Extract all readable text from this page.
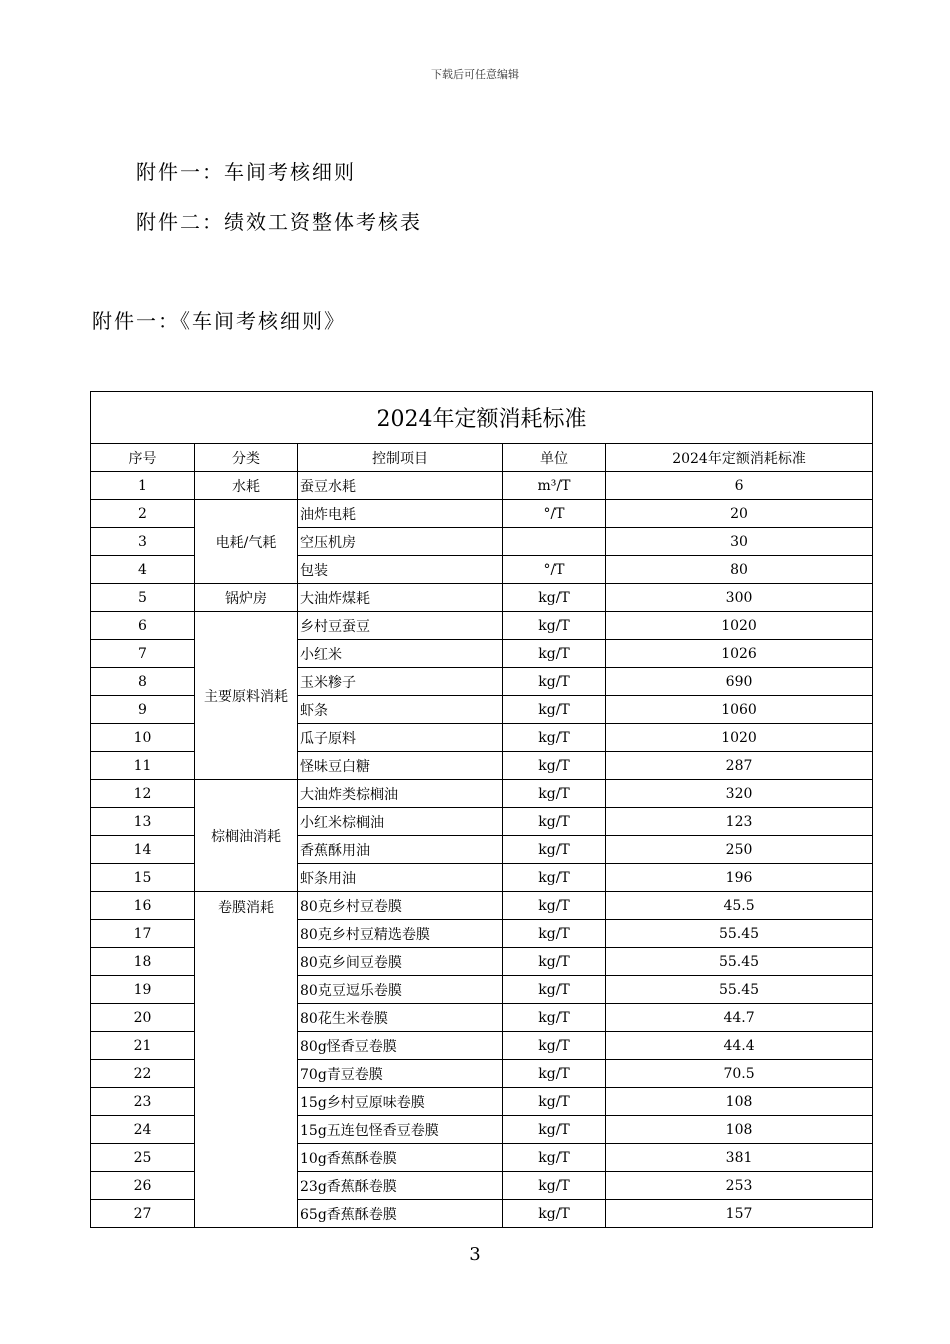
下载后可任意编辑
附件一：车间考核细则
附件二：绩效工资整体考核表
附件一：《车间考核细则》
2024年定额消耗标准				
序号	分类	控制项目	单位	2024年定额消耗标准
1	水耗	蚕豆水耗	m³/T	6
2	电耗/气耗	油炸电耗	°/T	20
3		空压机房		30
4		包装	°/T	80
5	锅炉房	大油炸煤耗	kg/T	300
6	主要原料消耗	乡村豆蚕豆	kg/T	1020
7		小红米	kg/T	1026
8		玉米糁子	kg/T	690
9		虾条	kg/T	1060
10		瓜子原料	kg/T	1020
11		怪味豆白糖	kg/T	287
12	棕榈油消耗	大油炸类棕榈油	kg/T	320
13		小红米棕榈油	kg/T	123
14		香蕉酥用油	kg/T	250
15		虾条用油	kg/T	196
16	卷膜消耗	80克乡村豆卷膜	kg/T	45.5
17		80克乡村豆精选卷膜	kg/T	55.45
18		80克乡间豆卷膜	kg/T	55.45
19		80克豆逗乐卷膜	kg/T	55.45
20		80花生米卷膜	kg/T	44.7
21		80g怪香豆卷膜	kg/T	44.4
22		70g青豆卷膜	kg/T	70.5
23		15g乡村豆原味卷膜	kg/T	108
24		15g五连包怪香豆卷膜	kg/T	108
25		10g香蕉酥卷膜	kg/T	381
26		23g香蕉酥卷膜	kg/T	253
27		65g香蕉酥卷膜	kg/T	157
3
